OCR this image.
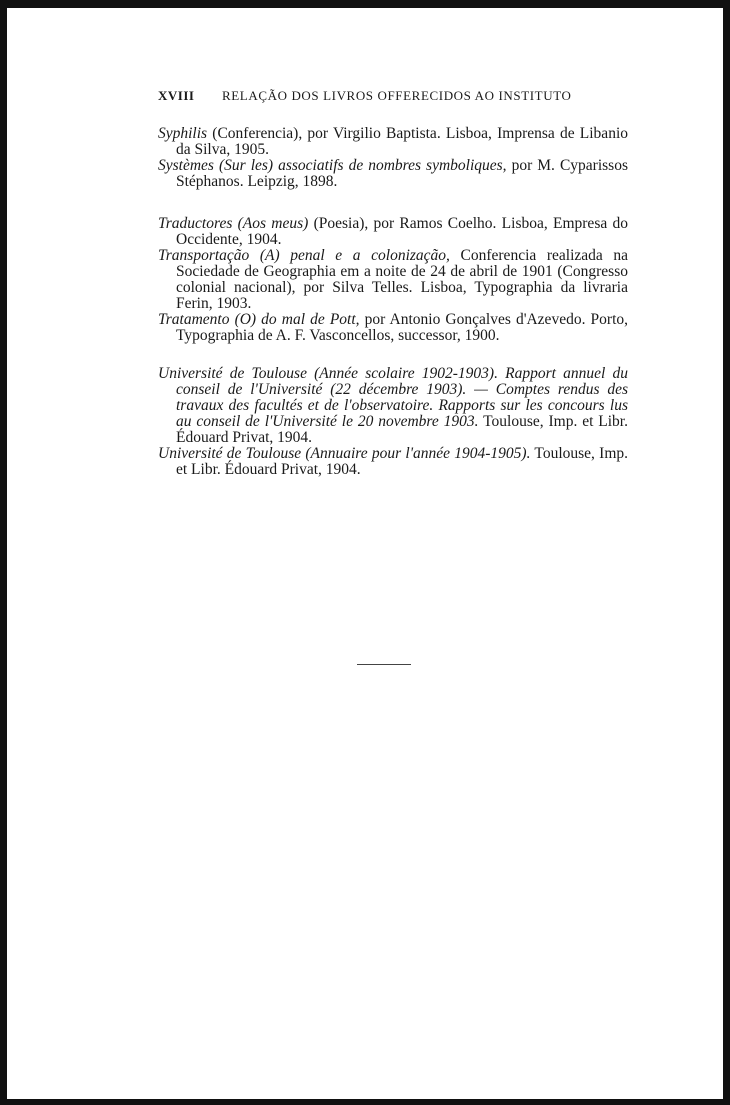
XVIII RELAÇÃO DOS LIVROS OFFERECIDOS AO INSTITUTO

Syphilis (Conferencia), por Virgilio Baptista. Lisboa, Imprensa de Libanio da Silva, 1905.

Systèmes (Sur les) associatifs de nombres symboliques, por M. Cyparissos Stéphanos. Leipzig, 1898.

Traductores (Aos meus) (Poesia), por Ramos Coelho. Lisboa, Empresa do Occidente, 1904.

Transportação (A) penal e a colonização, Conferencia realizada na Sociedade de Geographia em a noite de 24 de abril de 1901 (Congresso colonial nacional), por Silva Telles. Lisboa, Typographia da livraria Ferin, 1903.

Tratamento (O) do mal de Pott, por Antonio Gonçalves d'Azevedo. Porto, Typographia de A. F. Vasconcellos, successor, 1900.

Université de Toulouse (Année scolaire 1902-1903). Rapport annuel du conseil de l'Université (22 décembre 1903). — Comptes rendus des travaux des facultés et de l'observatoire. Rapports sur les concours lus au conseil de l'Université le 20 novembre 1903. Toulouse, Imp. et Libr. Édouard Privat, 1904.

Université de Toulouse (Annuaire pour l'année 1904-1905). Toulouse, Imp. et Libr. Édouard Privat, 1904.
